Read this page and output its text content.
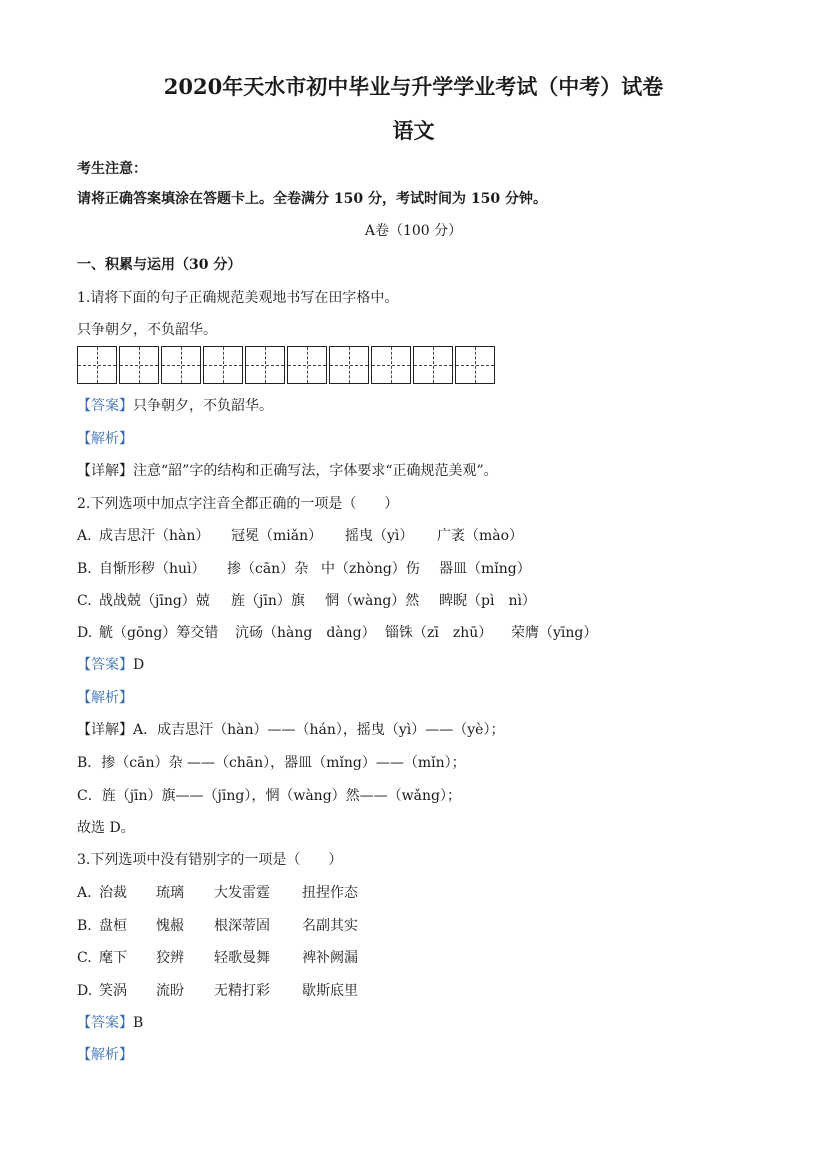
2020年天水市初中毕业与升学学业考试（中考）试卷
语文
考生注意：
请将正确答案填涂在答题卡上。全卷满分 150 分，考试时间为 150 分钟。
A卷（100 分）
一、积累与运用（30 分）
1.请将下面的句子正确规范美观地书写在田字格中。
只争朝夕，不负韶华。
【答案】只争朝夕，不负韶华。
【解析】
【详解】注意“韶”字的结构和正确写法，字体要求“正确规范美观”。
2.下列选项中加点字注音全都正确的一项是（　　）
A. 成吉思汗（hàn） 冠冕（miǎn） 摇曳（yì） 广袤（mào）
B. 自惭形秽（huì） 掺（cān）杂 中（zhòng）伤 器皿（mǐng）
C. 战战兢（jīng）兢 旌（jīn）旗 惘（wàng）然 睥睨（pì　nì）
D. 觥（gōng）筹交错 沆砀（hàng　dàng） 锱铢（zī　zhū） 荣膺（yīng）
【答案】D
【解析】
【详解】A．成吉思汗（hàn）——（hán），摇曳（yì）——（yè）；
B．掺（cān）杂 ——（chān），器皿（mǐng）——（mǐn）；
C．旌（jīn）旗——（jīng），惘（wàng）然——（wǎng）；
故选 D。
3.下列选项中没有错别字的一项是（　　）
A. 治裁 琉璃 大发雷霆 扭捏作态
B. 盘桓 愧赧 根深蒂固 名副其实
C. 麾下 狡辨 轻歌曼舞 裨补阙漏
D. 笑涡 流盼 无精打彩 歇斯底里
【答案】B
【解析】
